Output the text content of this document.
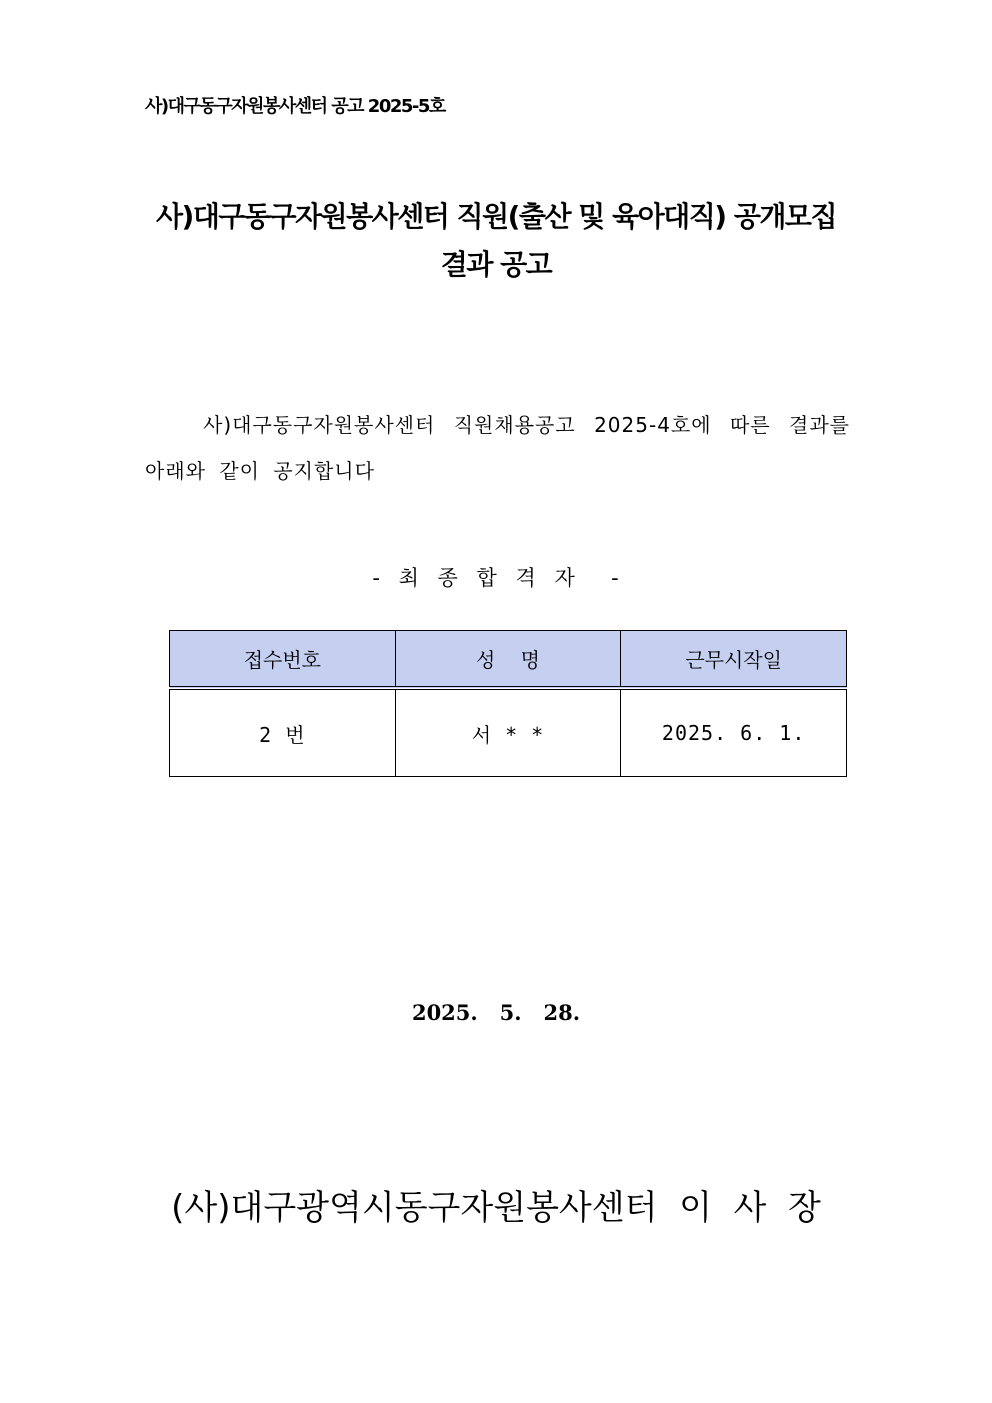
사)대구동구자원봉사센터 공고 2025-5호
사)대구동구자원봉사센터 직원(출산 및 육아대직) 공개모집
결과 공고
사)대구동구자원봉사센터 직원채용공고 2025-4호에 따른 결과를 아래와 같이 공지합니다
- 최 종 합 격 자  -
접수번호	성    명	근무시작일
2 번	서 * *	2025. 6. 1.
2025.   5.   28.
(사)대구광역시동구자원봉사센터  이  사  장
